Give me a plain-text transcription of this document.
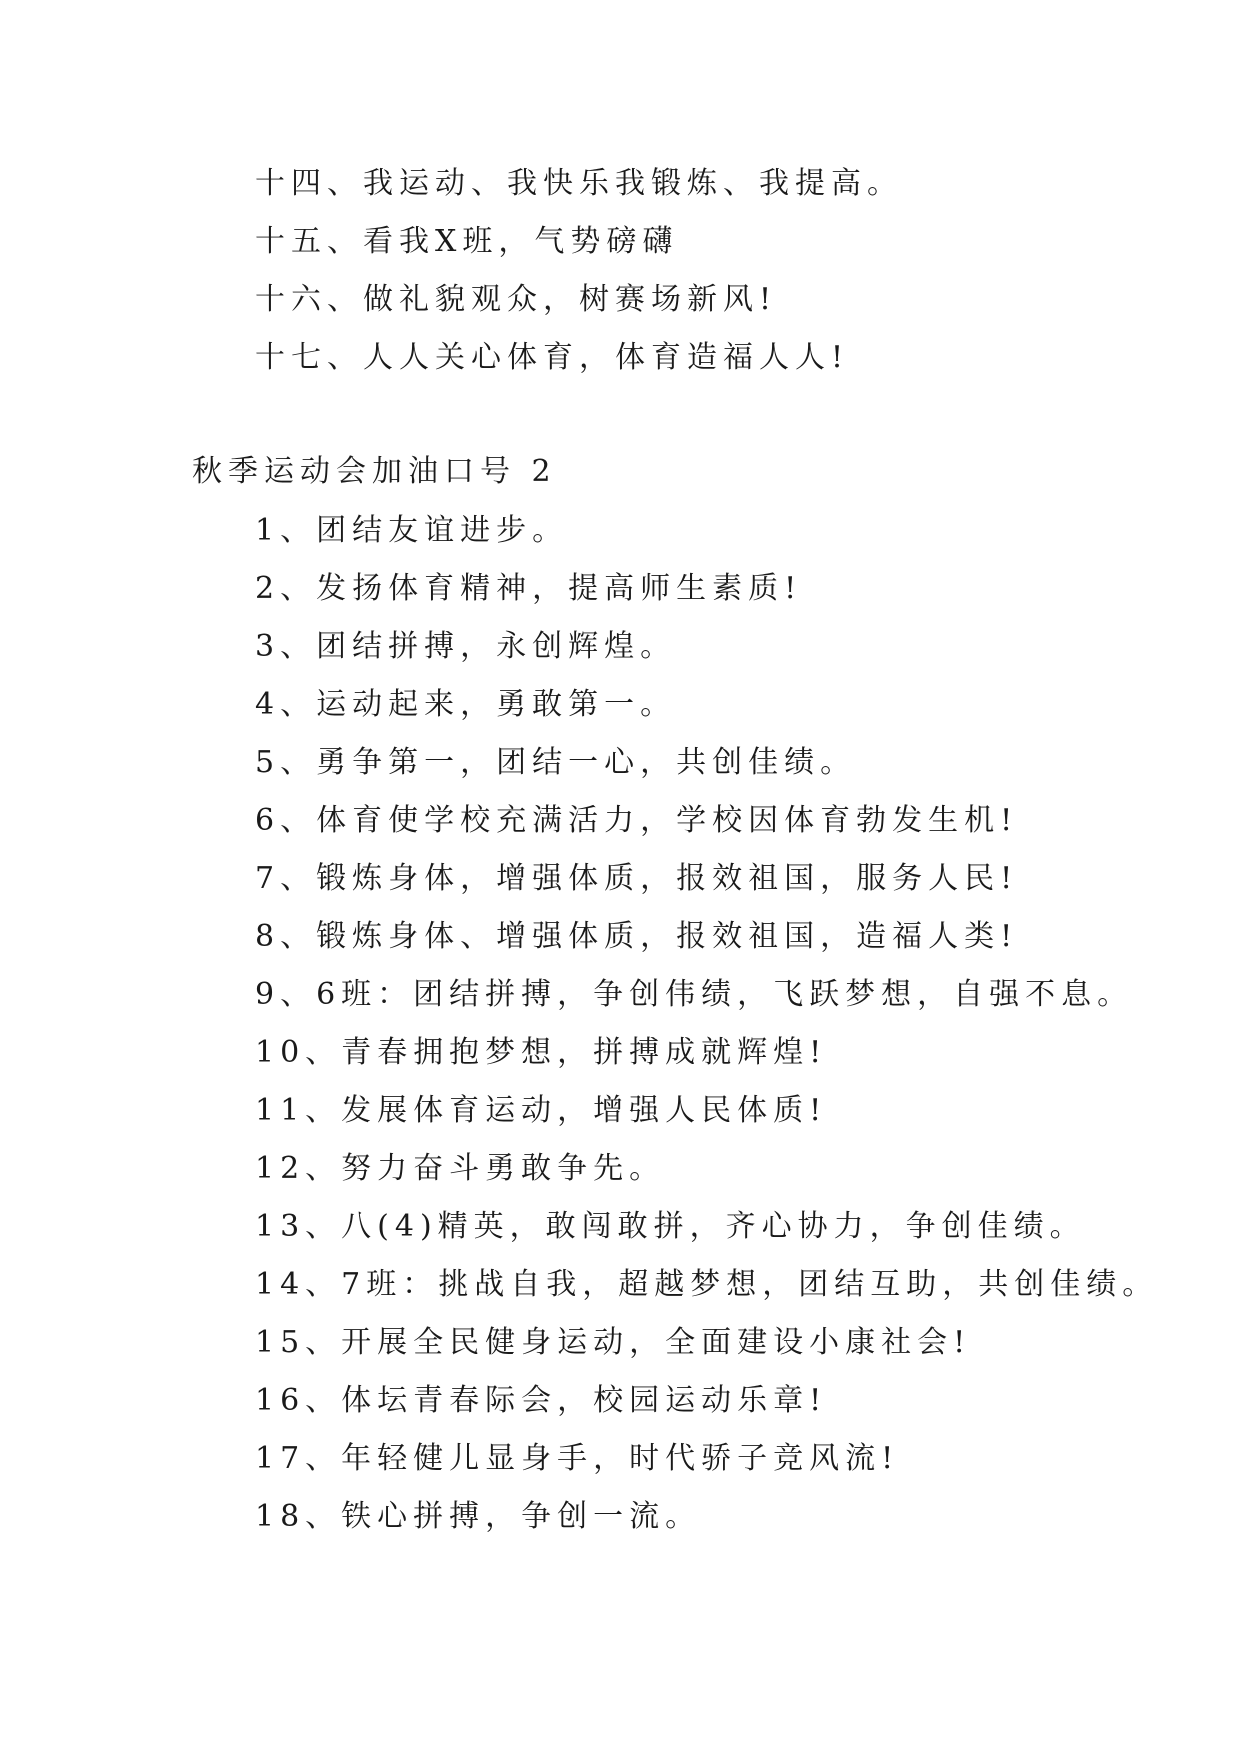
十四、我运动、我快乐我锻炼、我提高。
十五、看我X班，气势磅礴
十六、做礼貌观众，树赛场新风!
十七、人人关心体育，体育造福人人!
秋季运动会加油口号 2
1、团结友谊进步。
2、发扬体育精神，提高师生素质!
3、团结拼搏，永创辉煌。
4、运动起来，勇敢第一。
5、勇争第一，团结一心，共创佳绩。
6、体育使学校充满活力，学校因体育勃发生机!
7、锻炼身体，增强体质，报效祖国，服务人民!
8、锻炼身体、增强体质，报效祖国，造福人类!
9、6班：团结拼搏，争创伟绩，飞跃梦想，自强不息。
10、青春拥抱梦想，拼搏成就辉煌!
11、发展体育运动，增强人民体质!
12、努力奋斗勇敢争先。
13、八(4)精英，敢闯敢拼，齐心协力，争创佳绩。
14、7班：挑战自我，超越梦想，团结互助，共创佳绩。
15、开展全民健身运动，全面建设小康社会!
16、体坛青春际会，校园运动乐章!
17、年轻健儿显身手，时代骄子竞风流!
18、铁心拼搏，争创一流。
